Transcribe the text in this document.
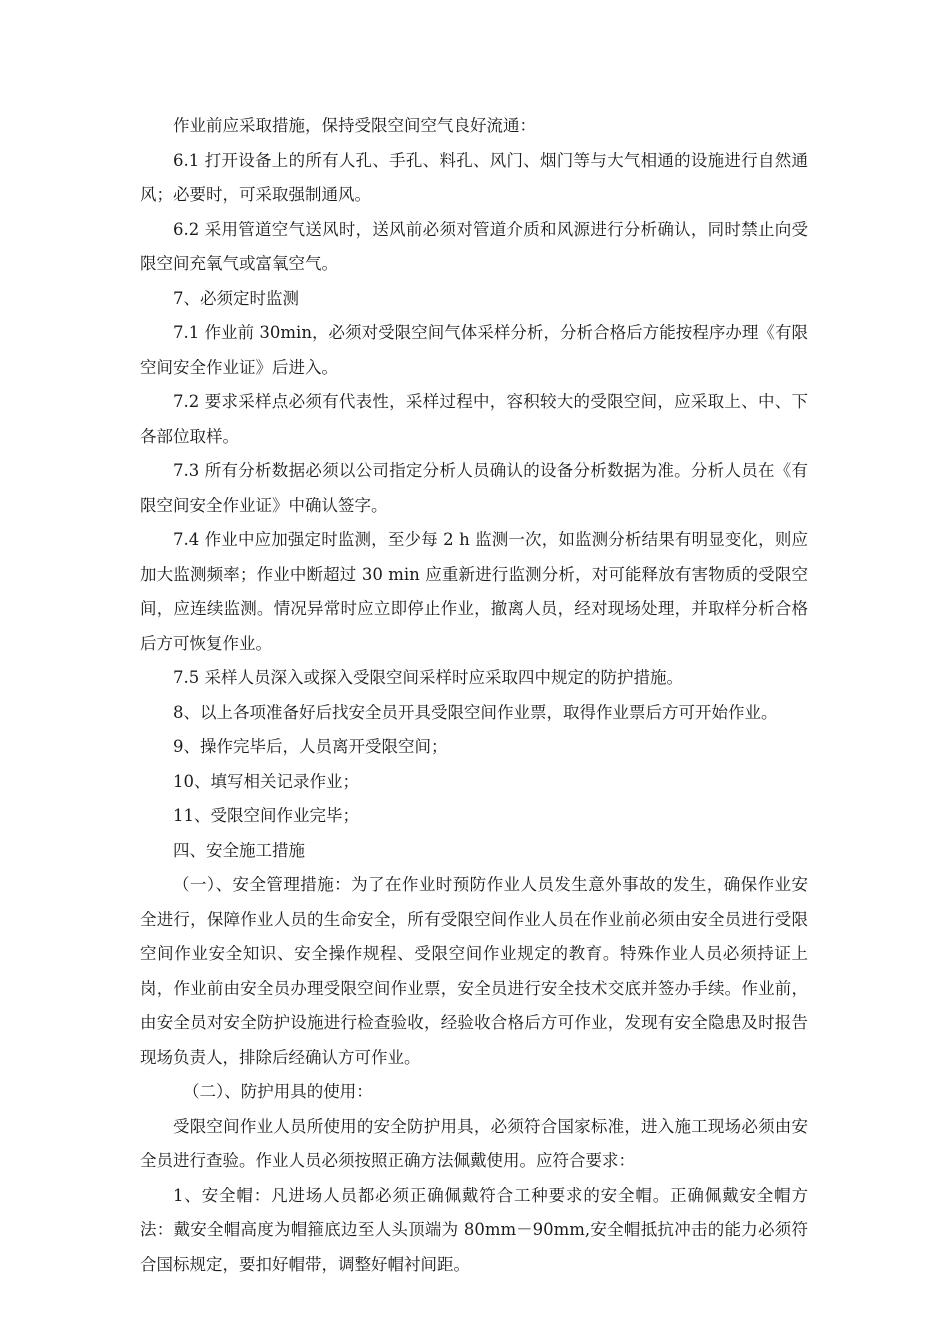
作业前应采取措施，保持受限空间空气良好流通：

6.1 打开设备上的所有人孔、手孔、料孔、风门、烟门等与大气相通的设施进行自然通风；必要时，可采取强制通风。

6.2 采用管道空气送风时，送风前必须对管道介质和风源进行分析确认，同时禁止向受限空间充氧气或富氧空气。

7、必须定时监测

7.1 作业前 30min，必须对受限空间气体采样分析，分析合格后方能按程序办理《有限空间安全作业证》后进入。

7.2 要求采样点必须有代表性，采样过程中，容积较大的受限空间，应采取上、中、下各部位取样。

7.3 所有分析数据必须以公司指定分析人员确认的设备分析数据为准。分析人员在《有限空间安全作业证》中确认签字。

7.4 作业中应加强定时监测，至少每 2 h 监测一次，如监测分析结果有明显变化，则应加大监测频率；作业中断超过 30 min 应重新进行监测分析，对可能释放有害物质的受限空间，应连续监测。情况异常时应立即停止作业，撤离人员，经对现场处理，并取样分析合格后方可恢复作业。

7.5 采样人员深入或探入受限空间采样时应采取四中规定的防护措施。

8、以上各项准备好后找安全员开具受限空间作业票，取得作业票后方可开始作业。

9、操作完毕后，人员离开受限空间；

10、填写相关记录作业；

11、受限空间作业完毕；

四、安全施工措施

（一）、安全管理措施：为了在作业时预防作业人员发生意外事故的发生，确保作业安全进行，保障作业人员的生命安全，所有受限空间作业人员在作业前必须由安全员进行受限空间作业安全知识、安全操作规程、受限空间作业规定的教育。特殊作业人员必须持证上岗，作业前由安全员办理受限空间作业票，安全员进行安全技术交底并签办手续。作业前，由安全员对安全防护设施进行检查验收，经验收合格后方可作业，发现有安全隐患及时报告现场负责人，排除后经确认方可作业。

（二）、防护用具的使用：

受限空间作业人员所使用的安全防护用具，必须符合国家标准，进入施工现场必须由安全员进行查验。作业人员必须按照正确方法佩戴使用。应符合要求：

1、安全帽：凡进场人员都必须正确佩戴符合工种要求的安全帽。正确佩戴安全帽方法：戴安全帽高度为帽箍底边至人头顶端为 80mm－90mm,安全帽抵抗冲击的能力必须符合国标规定，要扣好帽带，调整好帽衬间距。
